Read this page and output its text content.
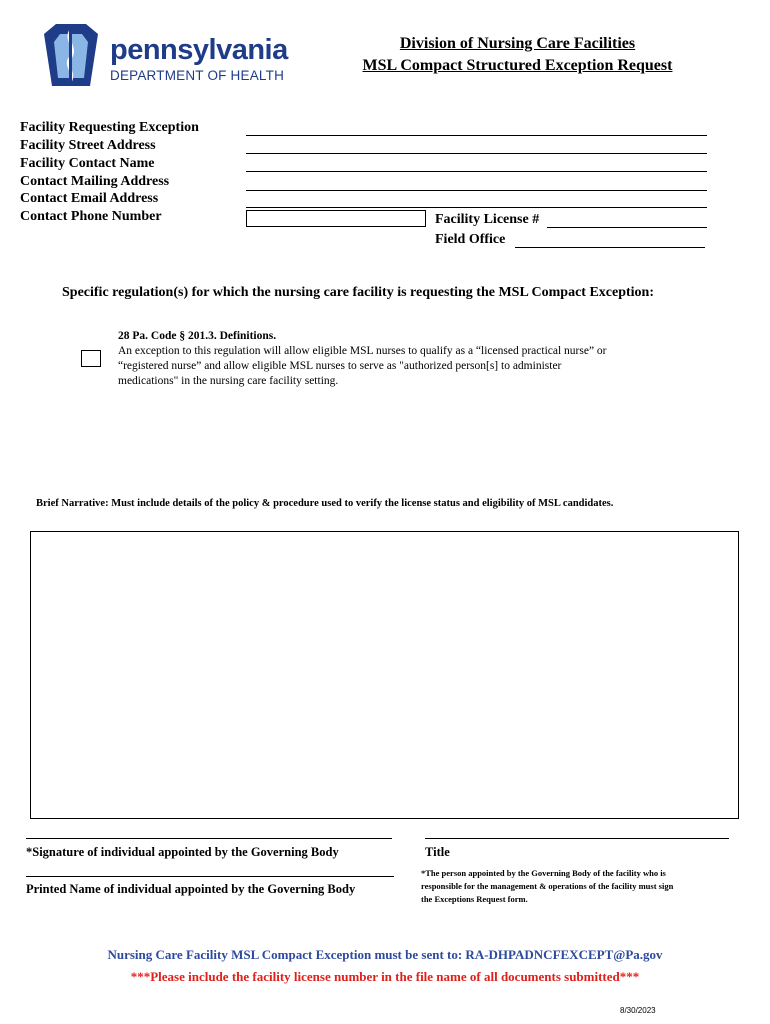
pennsylvania
DEPARTMENT OF HEALTH
Division of Nursing Care Facilities
MSL Compact Structured Exception Request
Facility Requesting Exception
Facility Street Address
Facility Contact Name
Contact Mailing Address
Contact Email Address
Contact Phone Number	Facility License #
Field Office
Specific regulation(s) for which the nursing care facility is requesting the MSL Compact Exception:
28 Pa. Code § 201.3. Definitions.
An exception to this regulation will allow eligible MSL nurses to qualify as a “licensed practical nurse” or
“registered nurse” and allow eligible MSL nurses to serve as "authorized person[s] to administer
medications" in the nursing care facility setting.
Brief Narrative: Must include details of the policy & procedure used to verify the license status and eligibility of MSL candidates.
*Signature of individual appointed by the Governing Body	Title
Printed Name of individual appointed by the Governing Body
*The person appointed by the Governing Body of the facility who is
responsible for the management & operations of the facility must sign
the Exceptions Request form.
Nursing Care Facility MSL Compact Exception must be sent to: RA-DHPADNCFEXCEPT@Pa.gov
***Please include the facility license number in the file name of all documents submitted***
8/30/2023
